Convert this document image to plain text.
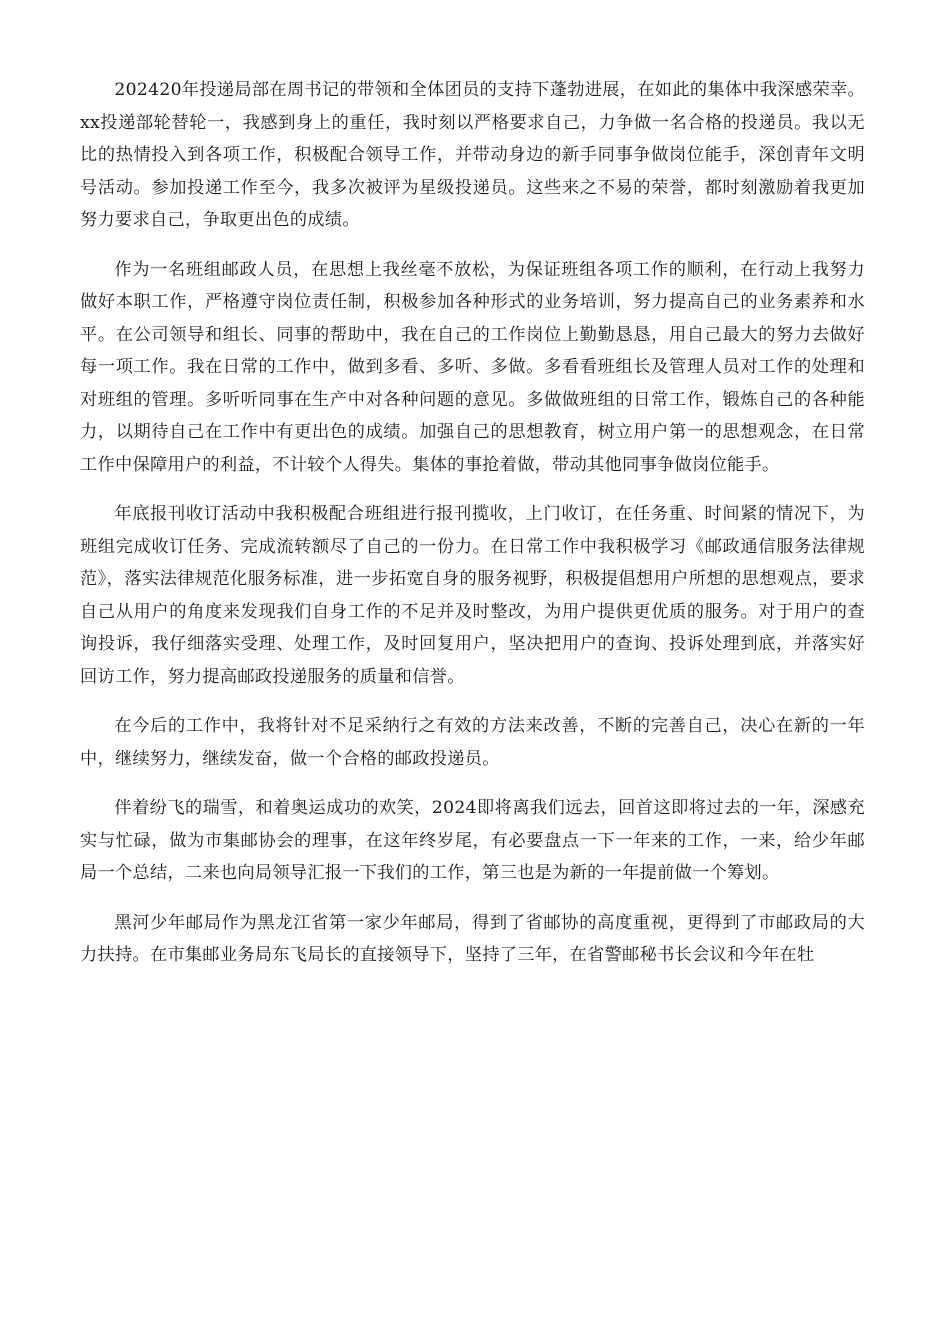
202420年投递局部在周书记的带领和全体团员的支持下蓬勃进展，在如此的集体中我深感荣幸。xx投递部轮替轮一，我感到身上的重任，我时刻以严格要求自己，力争做一名合格的投递员。我以无比的热情投入到各项工作，积极配合领导工作，并带动身边的新手同事争做岗位能手，深创青年文明号活动。参加投递工作至今，我多次被评为星级投递员。这些来之不易的荣誉，都时刻激励着我更加努力要求自己，争取更出色的成绩。

作为一名班组邮政人员，在思想上我丝毫不放松，为保证班组各项工作的顺利，在行动上我努力做好本职工作，严格遵守岗位责任制，积极参加各种形式的业务培训，努力提高自己的业务素养和水平。在公司领导和组长、同事的帮助中，我在自己的工作岗位上勤勤恳恳，用自己最大的努力去做好每一项工作。我在日常的工作中，做到多看、多听、多做。多看看班组长及管理人员对工作的处理和对班组的管理。多听听同事在生产中对各种问题的意见。多做做班组的日常工作，锻炼自己的各种能力，以期待自己在工作中有更出色的成绩。加强自己的思想教育，树立用户第一的思想观念，在日常工作中保障用户的利益，不计较个人得失。集体的事抢着做，带动其他同事争做岗位能手。

年底报刊收订活动中我积极配合班组进行报刊揽收，上门收订，在任务重、时间紧的情况下，为班组完成收订任务、完成流转额尽了自己的一份力。在日常工作中我积极学习《邮政通信服务法律规范》，落实法律规范化服务标准，进一步拓宽自身的服务视野，积极提倡想用户所想的思想观点，要求自己从用户的角度来发现我们自身工作的不足并及时整改，为用户提供更优质的服务。对于用户的查询投诉，我仔细落实受理、处理工作，及时回复用户，坚决把用户的查询、投诉处理到底，并落实好回访工作，努力提高邮政投递服务的质量和信誉。

在今后的工作中，我将针对不足采纳行之有效的方法来改善，不断的完善自己，决心在新的一年中，继续努力，继续发奋，做一个合格的邮政投递员。

伴着纷飞的瑞雪，和着奥运成功的欢笑，2024即将离我们远去，回首这即将过去的一年，深感充实与忙碌，做为市集邮协会的理事，在这年终岁尾，有必要盘点一下一年来的工作，一来，给少年邮局一个总结，二来也向局领导汇报一下我们的工作，第三也是为新的一年提前做一个筹划。

黑河少年邮局作为黑龙江省第一家少年邮局，得到了省邮协的高度重视，更得到了市邮政局的大力扶持。在市集邮业务局东飞局长的直接领导下，坚持了三年，在省警邮秘书长会议和今年在牡
